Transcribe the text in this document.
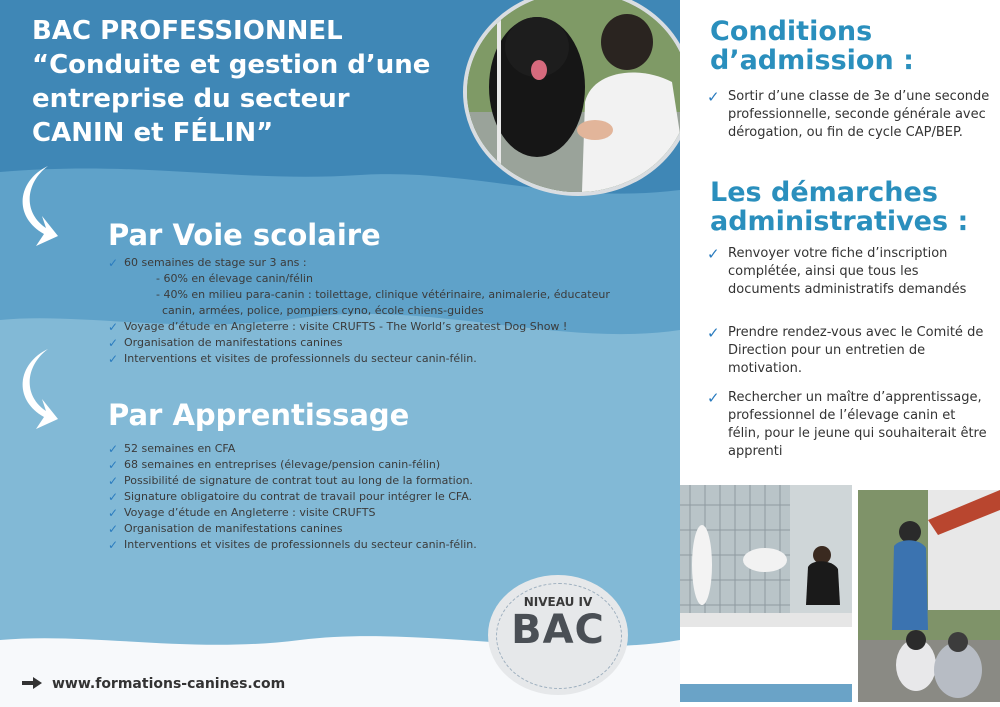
BAC PROFESSIONNEL
“Conduite et gestion d’une
entreprise du secteur
CANIN et FÉLIN”
Par Voie scolaire
✓ 60 semaines de stage sur 3 ans :
- 60% en élevage canin/félin
- 40% en milieu para-canin : toilettage, clinique vétérinaire, animalerie, éducateur
canin, armées, police, pompiers cyno, école chiens-guides
✓ Voyage d’étude en Angleterre : visite CRUFTS - The World’s greatest Dog Show !
✓ Organisation de manifestations canines
✓ Interventions et visites de professionnels du secteur canin-félin.
Par Apprentissage
✓ 52 semaines en CFA
✓ 68 semaines en entreprises (élevage/pension canin-félin)
✓ Possibilité de signature de contrat tout au long de la formation.
✓ Signature obligatoire du contrat de travail pour intégrer le CFA.
✓ Voyage d’étude en Angleterre : visite CRUFTS
✓ Organisation de manifestations canines
✓ Interventions et visites de professionnels du secteur canin-félin.
NIVEAU IV
BAC
www.formations-canines.com
Conditions
d’admission :
✓ Sortir d’une classe de 3e d’une seconde professionnelle, seconde générale avec dérogation, ou fin de cycle CAP/BEP.
Les démarches
administratives :
✓ Renvoyer votre fiche d’inscription complétée, ainsi que tous les documents administratifs demandés
✓ Prendre rendez-vous avec le Comité de Direction pour un entretien de motivation.
✓ Rechercher un maître d’apprentissage, professionnel de l’élevage canin et félin, pour le jeune qui souhaiterait être apprenti
